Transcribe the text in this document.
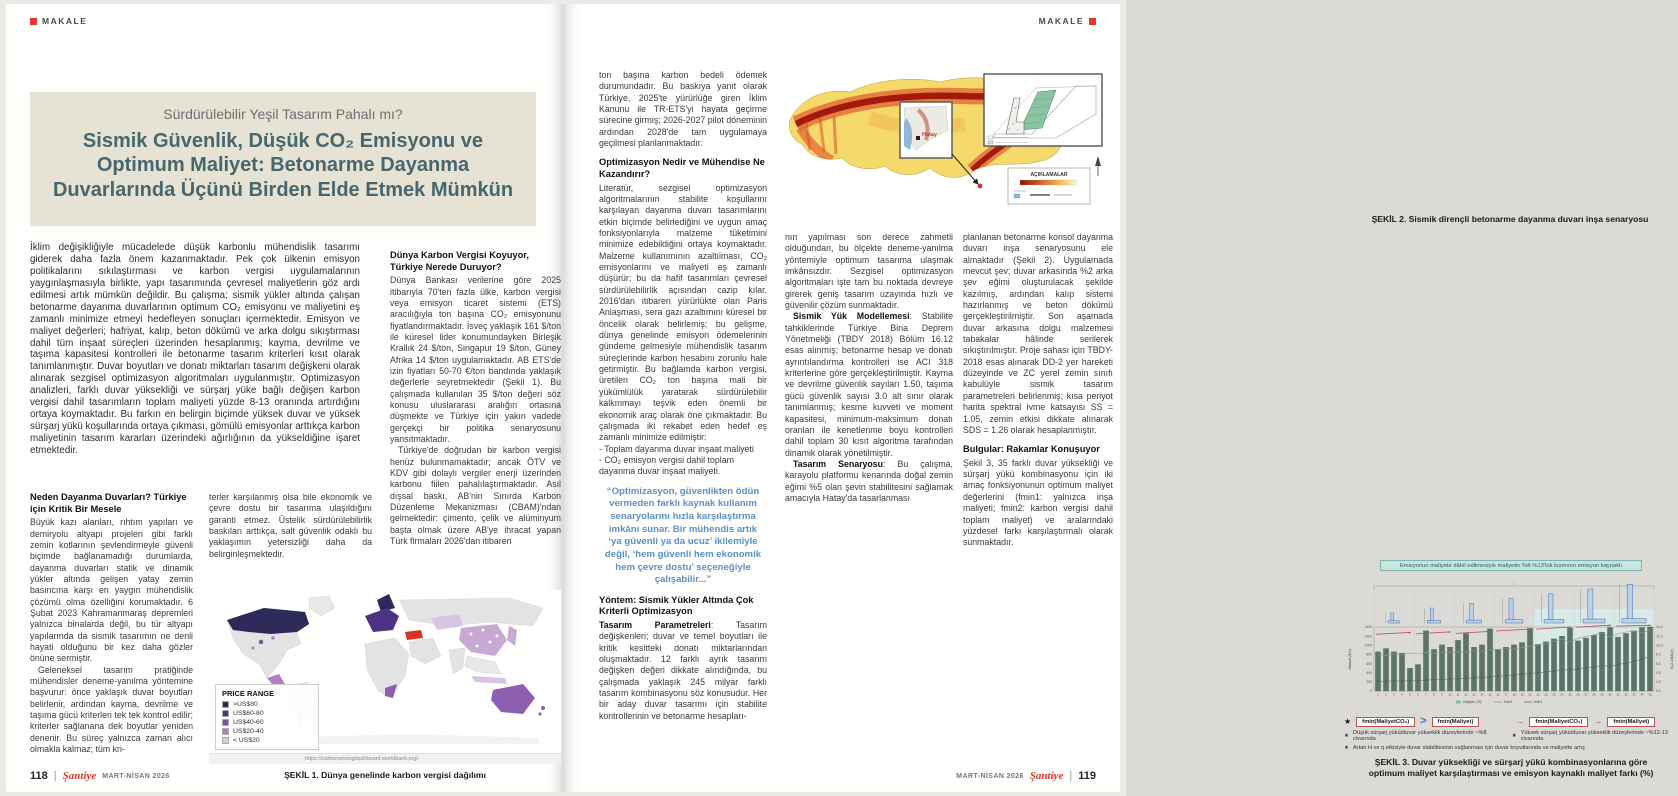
MAKALE
Sürdürülebilir Yeşil Tasarım Pahalı mı?
Sismik Güvenlik, Düşük CO₂ Emisyonu ve Optimum Maliyet: Betonarme Dayanma Duvarlarında Üçünü Birden Elde Etmek Mümkün
İklim değişikliğiyle mücadelede düşük karbonlu mühendislik tasarımı giderek daha fazla önem kazanmaktadır. Pek çok ülkenin emisyon politikalarını sıkılaştırması ve karbon vergisi uygulamalarının yaygınlaşmasıyla birlikte, yapı tasarımında çevresel maliyetlerin göz ardı edilmesi artık mümkün değildir. Bu çalışma; sismik yükler altında çalışan betonarme dayanma duvarlarının optimum CO₂ emisyonu ve maliyetini eş zamanlı minimize etmeyi hedefleyen sonuçları içermektedir. Emisyon ve maliyet değerleri; hafriyat, kalıp, beton dökümü ve arka dolgu sıkıştırması dahil tüm inşaat süreçleri üzerinden hesaplanmış; kayma, devrilme ve taşıma kapasitesi kontrolleri ile betonarme tasarım kriterleri kısıt olarak tanımlanmıştır. Duvar boyutları ve donatı miktarları tasarım değişkeni olarak alınarak sezgisel optimizasyon algoritmaları uygulanmıştır. Optimizasyon analizleri, farklı duvar yüksekliği ve sürşarj yüke bağlı değişen karbon vergisi dahil tasarımların toplam maliyeti yüzde 8-13 oranında artırdığını ortaya koymaktadır. Bu farkın en belirgin biçimde yüksek duvar ve yüksek sürşarj yükü koşullarında ortaya çıkması, gömülü emisyonlar arttıkça karbon maliyetinin tasarım kararları üzerindeki ağırlığının da yükseldiğine işaret etmektedir.
Neden Dayanma Duvarları? Türkiye için Kritik Bir Mesele

Büyük kazı alanları, rıhtım yapıları ve demiryolu altyapı projeleri gibi farklı zemin kotlarının şevlendirmeyle güvenli biçimde bağlanamadığı durumlarda, dayanma duvarları statik ve dinamik yükler altında gelişen yatay zemin basıncına karşı en yaygın mühendislik çözümü olma özelliğini korumaktadır. 6 Şubat 2023 Kahramanmaraş depremleri yalnızca binalarda değil, bu tür altyapı yapılarında da sismik tasarımın ne denli hayati olduğunu bir kez daha gözler önüne sermiştir.

Geleneksel tasarım pratiğinde mühendisler deneme-yanılma yöntemine başvurur: önce yaklaşık duvar boyutları belirlenir, ardından kayma, devrilme ve taşıma gücü kriterleri tek tek kontrol edilir; kriterler sağlanana dek boyutlar yeniden denenir. Bu süreç yalnızca zaman alıcı olmakla kalmaz; tüm kri-

terler karşılanmış olsa bile ekonomik ve çevre dostu bir tasarıma ulaşıldığını garanti etmez. Üstelik sürdürülebilirlik baskıları arttıkça, salt güvenlik odaklı bu yaklaşımın yetersizliği daha da belirginleşmektedir.

Dünya Karbon Vergisi Koyuyor, Türkiye Nerede Duruyor?

Dünya Bankası verilerine göre 2025 itibarıyla 70'ten fazla ülke, karbon vergisi veya emisyon ticaret sistemi (ETS) aracılığıyla ton başına CO₂ emisyonunu fiyatlandırmaktadır. İsveç yaklaşık 161 $/ton ile küresel lider konumundayken Birleşik Krallık 24 $/ton, Singapur 19 $/ton, Güney Afrika 14 $/ton uygulamaktadır. AB ETS'de izin fiyatları 50-70 €/ton bandında yaklaşık değerlerle seyretmektedir (Şekil 1). Bu çalışmada kullanılan 35 $/ton değeri söz konusu uluslararası aralığın ortasına düşmekte ve Türkiye için yakın vadede gerçekçi bir politika senaryosunu yansıtmaktadır.

Türkiye'de doğrudan bir karbon vergisi henüz bulunmamaktadır; ancak ÖTV ve KDV gibi dolaylı vergiler enerji üzerinden karbonu fiilen pahalılaştırmaktadır. Asıl dışsal baskı, AB'nin Sınırda Karbon Düzenleme Mekanizması (CBAM)'ndan gelmektedir: çimento, çelik ve alüminyum başta olmak üzere AB'ye ihracat yapan Türk firmaları 2026'dan itibaren

PRICE RANGE
>US$80
US$60-80
US$40-60
US$20-40
< US$20
https://carbonpricingdashboard.worldbank.org/
ŞEKİL 1. Dünya genelinde karbon vergisi dağılımı
118 | Şantiye MART-NİSAN 2026
MAKALE

ton başına karbon bedeli ödemek durumundadır. Bu baskıya yanıt olarak Türkiye, 2025'te yürürlüğe giren İklim Kanunu ile TR-ETS'yi hayata geçirme sürecine girmiş; 2026-2027 pilot döneminin ardından 2028'de tam uygulamaya geçilmesi planlanmaktadır.

Optimizasyon Nedir ve Mühendise Ne Kazandırır?

Literatür, sezgisel optimizasyon algoritmalarının stabilite koşullarını karşılayan dayanma duvarı tasarımlarını etkin biçimde belirlediğini ve uygun amaç fonksiyonlarıyla malzeme tüketimini minimize edebildiğini ortaya koymaktadır. Malzeme kullanımının azaltılması, CO₂ emisyonlarını ve maliyeti eş zamanlı düşürür; bu da hafif tasarımları çevresel sürdürülebilirlik açısından cazip kılar. 2016'dan itibaren yürürlükte olan Paris Anlaşması, sera gazı azaltımını küresel bir öncelik olarak belirlemiş; bu gelişme, dünya genelinde emisyon ödemelerinin gündeme gelmesiyle mühendislik tasarım süreçlerinde karbon hesabını zorunlu hale getirmiştir. Bu bağlamda karbon vergisi, üretilen CO₂ ton başına mali bir yükümlülük yaratarak sürdürülebilir kalkınmayı teşvik eden önemli bir ekonomik araç olarak öne çıkmaktadır. Bu çalışmada iki rekabet eden hedef eş zamanlı minimize edilmiştir:

- Toplam dayanma duvar inşaat maliyeti
- CO₂ emisyon vergisi dahil toplam dayanma duvar inşaat maliyeti.
“Optimizasyon, güvenlikten ödün vermeden farklı kaynak kullanım senaryolarını hızla karşılaştırma imkânı sunar. Bir mühendis artık ‘ya güvenli ya da ucuz’ ikilemiyle değil, ‘hem güvenli hem ekonomik hem çevre dostu’ seçeneğiyle çalışabilir...”
Yöntem: Sismik Yükler Altında Çok Kriterli Optimizasyon

Tasarım Parametreleri: Tasarım değişkenleri; duvar ve temel boyutları ile kritik kesitteki donatı miktarlarından oluşmaktadır. 12 farklı ayrık tasarım değişken değeri dikkate alındığında, bu çalışmada yaklaşık 245 milyar farklı tasarım kombinasyonu söz konusudur. Her bir aday duvar tasarımı için stabilite kontrollerinin ve betonarme hesapları-

nın yapılması son derece zahmetli olduğundan, bu ölçekte deneme-yanılma yöntemiyle optimum tasarıma ulaşmak imkânsızdır. Sezgisel optimizasyon algoritmaları işte tam bu noktada devreye girerek geniş tasarım uzayında hızlı ve güvenilir çözüm sunmaktadır.

Sismik Yük Modellemesi: Stabilite tahkiklerinde Türkiye Bina Deprem Yönetmeliği (TBDY 2018) Bölüm 16.12 esas alınmış; betonarme hesap ve donatı ayrıntılandırma kontrolleri ise ACI 318 kriterlerine göre gerçekleştirilmiştir. Kayma ve devrilme güvenlik sayıları 1.50, taşıma gücü güvenlik sayısı 3.0 alt sınır olarak tanımlanmış; kesme kuvveti ve moment kapasitesi, minimum-maksimum donatı oranları ile kenetlenme boyu kontrolleri dahil toplam 30 kısıt algoritma tarafından dinamik olarak yönetilmiştir.

Tasarım Senaryosu: Bu çalışma, karayolu platformu kenarında doğal zemin eğimi %5 olan şevin stabilitesini sağlamak amacıyla Hatay'da tasarlanması

planlanan betonarme konsol dayanma duvarı inşa senaryosunu ele almaktadır (Şekil 2). Uygulamada mevcut şev; duvar arkasında %2 arka şev eğimi oluşturulacak şekilde kazılmış, ardından kalıp sistemi hazırlanmış ve beton dökümü gerçekleştirilmiştir. Son aşamada duvar arkasına dolgu malzemesi tabakalar hâlinde serilerek sıkıştırılmıştır. Proje sahası için TBDY-2018 esas alınarak DD-2 yer hareketi düzeyinde ve ZC yerel zemin sınıfı kabulüyle sismik tasarım parametreleri belirlenmiş; kısa periyot harita spektral ivme katsayısı SS = 1.05, zemin etkisi dikkate alınarak SDS = 1.26 olarak hesaplanmıştır.

Bulgular: Rakamlar Konuşuyor

Şekil 3, 35 farklı duvar yüksekliği ve sürşarj yükü kombinasyonu için iki amaç fonksiyonunun optimum maliyet değerlerini (fmin1: yalnızca inşa maliyeti; fmin2: karbon vergisi dahil toplam maliyet) ve aralarındaki yüzdesel farkı karşılaştırmalı olarak sunmaktadır.

Hatay
AÇIKLAMALAR
ŞEKİL 2. Sismik dirençli betonarme dayanma duvarı inşa senaryosu
Emisyonun maliyete dâhil edilmesiyle maliyetin %8-%13'lük kısmının emisyon kaynaklı
0
200
400
600
800
1000
1200
1400
0.0
2.0
4.0
6.0
8.0
10.0
12.0
14.0
1 2 3 4 5 6 7 8 9 10 11 12 13 14 15 16 17 18 19 20 21 22 23 24 25 26 27 28 29 30 31 32 33 34 35
Maliyet ($/m)	Değişim (%)
Değişim (%)	fmin2	fmin1
★	fmin(MaliyetCO₂)	>	fmin(Maliyet)	→	fmin(MaliyetCO₂)	→	fmin(Maliyet)
★ Düşük sürşarj yükü/duvar yükseklik düzeylerinde ~%8 civarında	★ Yüksek sürşarj yükü/duvar yükseklik düzeylerinde ~%12-13 civarında
★ Artan H ve q etkisiyle duvar stabilitesinin sağlanması için duvar boyutlarında ve maliyette artış
ŞEKİL 3. Duvar yüksekliği ve sürşarj yükü kombinasyonlarına göre optimum maliyet karşılaştırması ve emisyon kaynaklı maliyet farkı (%)
MART-NİSAN 2026 Şantiye | 119
